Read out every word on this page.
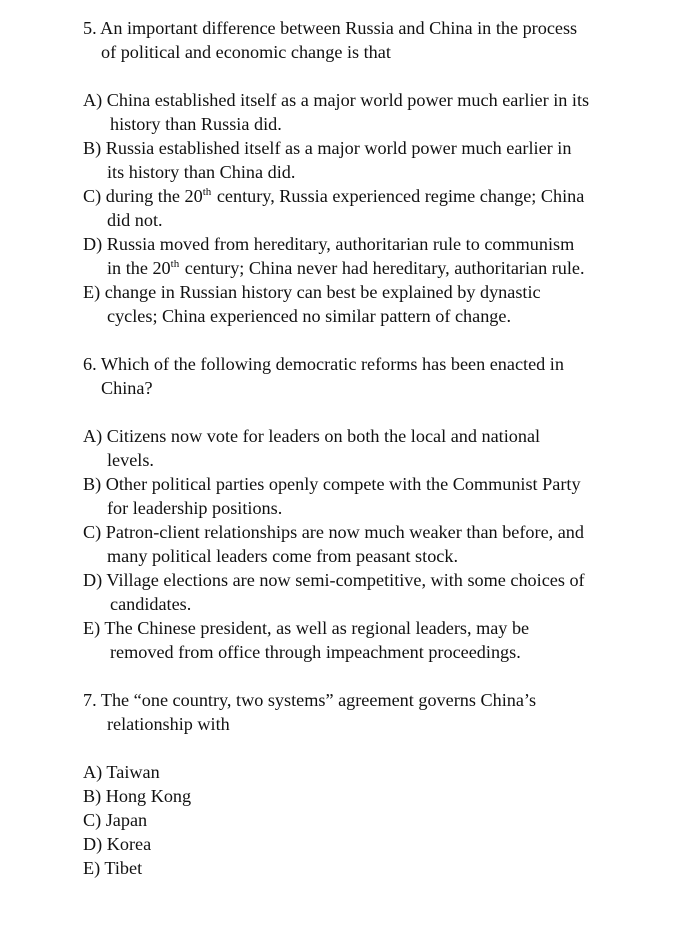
5. An important difference between Russia and China in the process
of political and economic change is that
A) China established itself as a major world power much earlier in its
history than Russia did.
B) Russia established itself as a major world power much earlier in
its history than China did.
C) during the 20th century, Russia experienced regime change; China
did not.
D) Russia moved from hereditary, authoritarian rule to communism
in the 20th century; China never had hereditary, authoritarian rule.
E) change in Russian history can best be explained by dynastic
cycles; China experienced no similar pattern of change.
6. Which of the following democratic reforms has been enacted in
China?
A) Citizens now vote for leaders on both the local and national
levels.
B) Other political parties openly compete with the Communist Party
for leadership positions.
C) Patron-client relationships are now much weaker than before, and
many political leaders come from peasant stock.
D) Village elections are now semi-competitive, with some choices of
candidates.
E) The Chinese president, as well as regional leaders, may be
removed from office through impeachment proceedings.
7. The “one country, two systems” agreement governs China’s
relationship with
A) Taiwan
B) Hong Kong
C) Japan
D) Korea
E) Tibet
